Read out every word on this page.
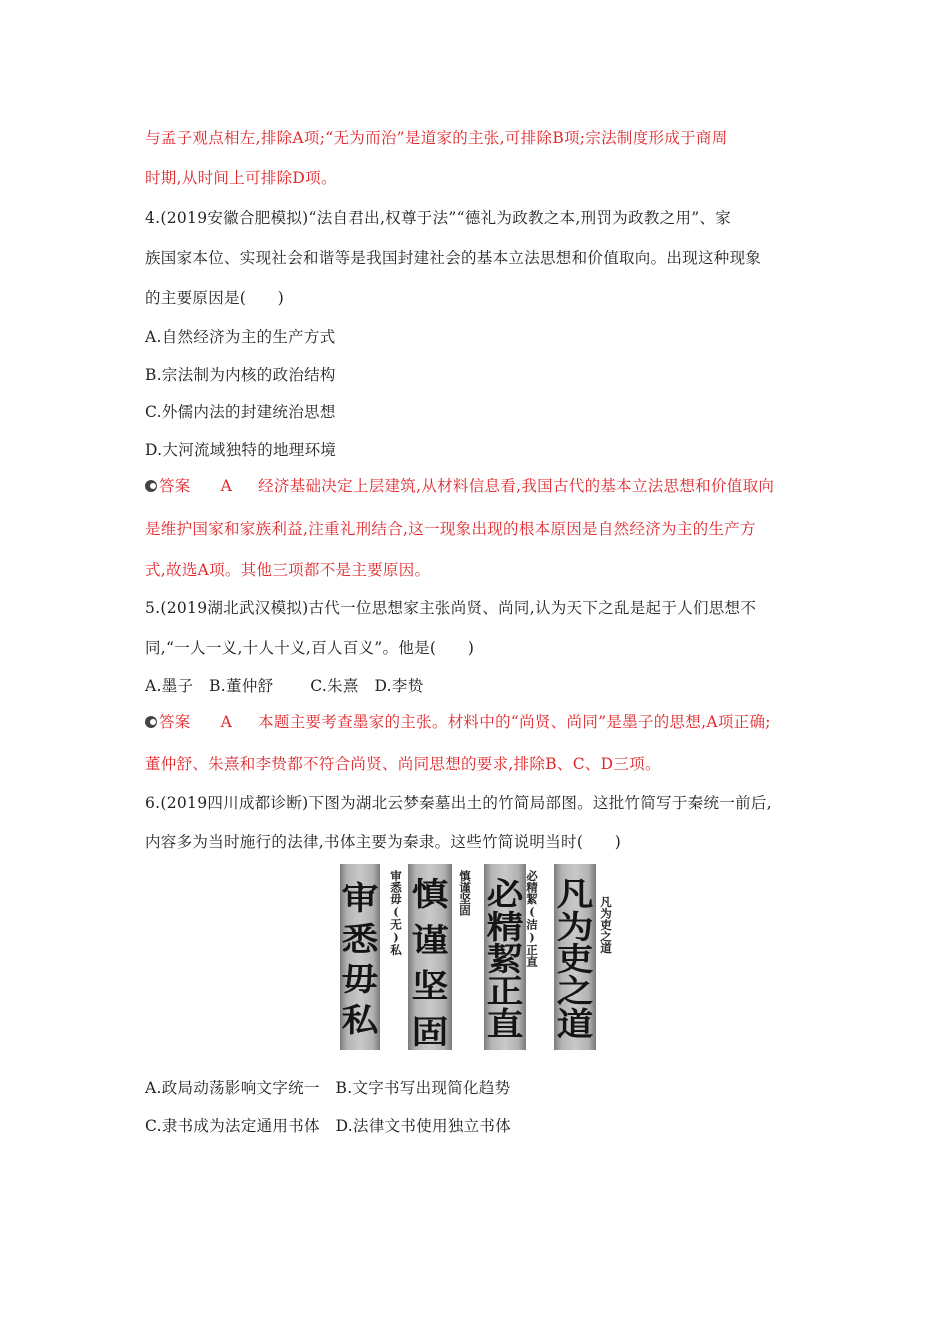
与孟子观点相左,排除A项;“无为而治”是道家的主张,可排除B项;宗法制度形成于商周
时期,从时间上可排除D项。
4.(2019安徽合肥模拟)“法自君出,权尊于法”“德礼为政教之本,刑罚为政教之用”、家
族国家本位、实现社会和谐等是我国封建社会的基本立法思想和价值取向。出现这种现象
的主要原因是(　　)
A.自然经济为主的生产方式
B.宗法制为内核的政治结构
C.外儒内法的封建统治思想
D.大河流域独特的地理环境
答案 A 经济基础决定上层建筑,从材料信息看,我国古代的基本立法思想和价值取向
是维护国家和家族利益,注重礼刑结合,这一现象出现的根本原因是自然经济为主的生产方
式,故选A项。其他三项都不是主要原因。
5.(2019湖北武汉模拟)古代一位思想家主张尚贤、尚同,认为天下之乱是起于人们思想不
同,“一人一义,十人十义,百人百义”。他是(　　)
A.墨子　B.董仲舒　　 C.朱熹　D.李贽
答案 A 本题主要考查墨家的主张。材料中的“尚贤、尚同”是墨子的思想,A项正确;
董仲舒、朱熹和李贽都不符合尚贤、尚同思想的要求,排除B、C、D三项。
6.(2019四川成都诊断)下图为湖北云梦秦墓出土的竹简局部图。这批竹简写于秦统一前后,
内容多为当时施行的法律,书体主要为秦隶。这些竹简说明当时(　　)
审
悉
毋
私
审悉毋(无)私 慎
谨
坚
固
慎谨坚固 必
精
絜
正
直
必精絜(洁)正直 凡
为
吏
之
道
凡为吏之道
A.政局动荡影响文字统一　B.文字书写出现简化趋势
C.隶书成为法定通用书体　D.法律文书使用独立书体
